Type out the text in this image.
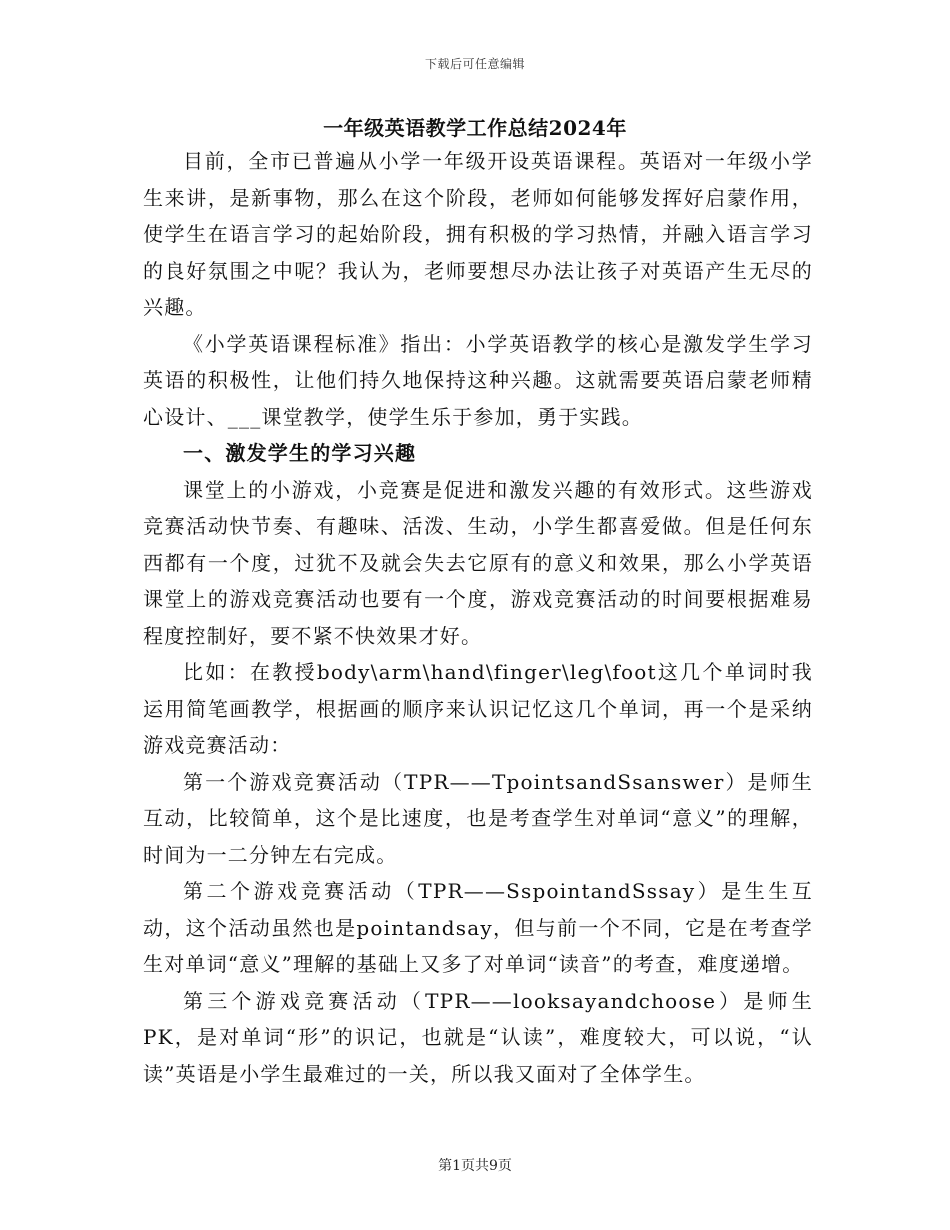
下载后可任意编辑
一年级英语教学工作总结2024年

目前，全市已普遍从小学一年级开设英语课程。英语对一年级小学生来讲，是新事物，那么在这个阶段，老师如何能够发挥好启蒙作用，使学生在语言学习的起始阶段，拥有积极的学习热情，并融入语言学习的良好氛围之中呢？我认为，老师要想尽办法让孩子对英语产生无尽的兴趣。

《小学英语课程标准》指出：小学英语教学的核心是激发学生学习英语的积极性，让他们持久地保持这种兴趣。这就需要英语启蒙老师精心设计、___课堂教学，使学生乐于参加，勇于实践。

一、激发学生的学习兴趣

课堂上的小游戏，小竞赛是促进和激发兴趣的有效形式。这些游戏竞赛活动快节奏、有趣味、活泼、生动，小学生都喜爱做。但是任何东西都有一个度，过犹不及就会失去它原有的意义和效果，那么小学英语课堂上的游戏竞赛活动也要有一个度，游戏竞赛活动的时间要根据难易程度控制好，要不紧不快效果才好。

比如：在教授body\arm\hand\finger\leg\foot这几个单词时我运用简笔画教学，根据画的顺序来认识记忆这几个单词，再一个是采纳游戏竞赛活动：

第一个游戏竞赛活动（TPR——TpointsandSsanswer）是师生互动，比较简单，这个是比速度，也是考查学生对单词“意义”的理解，时间为一二分钟左右完成。

第二个游戏竞赛活动（TPR——SspointandSssay）是生生互动，这个活动虽然也是pointandsay，但与前一个不同，它是在考查学生对单词“意义”理解的基础上又多了对单词“读音”的考查，难度递增。

第三个游戏竞赛活动（TPR——looksayandchoose）是师生PK，是对单词“形”的识记，也就是“认读”，难度较大，可以说，“认读”英语是小学生最难过的一关，所以我又面对了全体学生。

第1页共9页
